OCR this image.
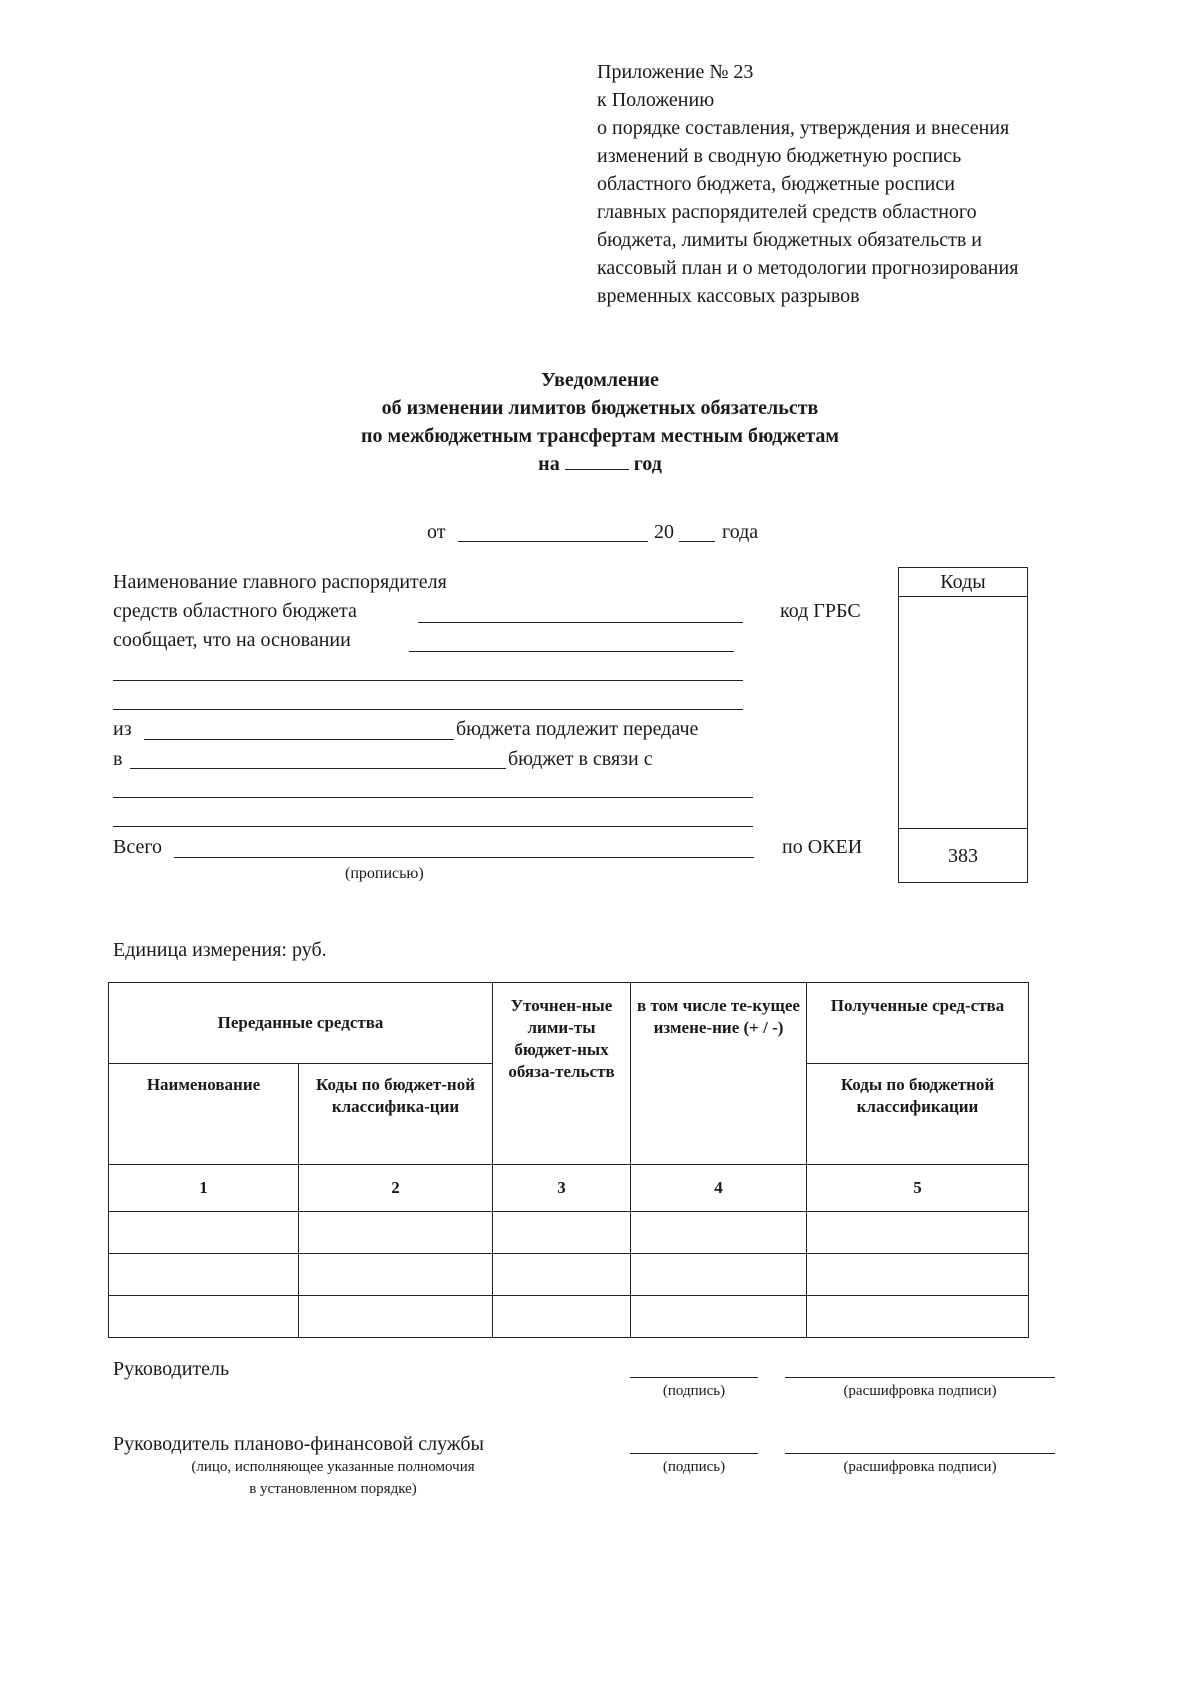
Приложение № 23
к Положению
о порядке составления, утверждения и внесения
изменений в сводную бюджетную роспись
областного бюджета, бюджетные росписи
главных распорядителей средств областного
бюджета, лимиты бюджетных обязательств и
кассовый план и о методологии прогнозирования
временных кассовых разрывов
Уведомление
об изменении лимитов бюджетных обязательств
по межбюджетным трансфертам местным бюджетам
на	год
от	20 года
Наименование главного распорядителя
средств областного бюджета	код ГРБС
сообщает, что на основании
из	бюджета подлежит передаче
в	бюджет в связи с
Всего
(прописью)
по ОКЕИ
Коды
383
Единица измерения: руб.
Переданные средства		Уточнен-ные лими-ты бюджет-ных обяза-тельств	в том числе те-кущее измене-ние (+ / -)	Полученные сред-ства
Наименование	Коды по бюджет-ной классифика-ции			Коды по бюджетной классификации
1	2	3	4	5

Руководитель
(подпись)	(расшифровка подписи)
Руководитель планово-финансовой службы
(подпись)	(расшифровка подписи)
(лицо, исполняющее указанные полномочия
в установленном порядке)
